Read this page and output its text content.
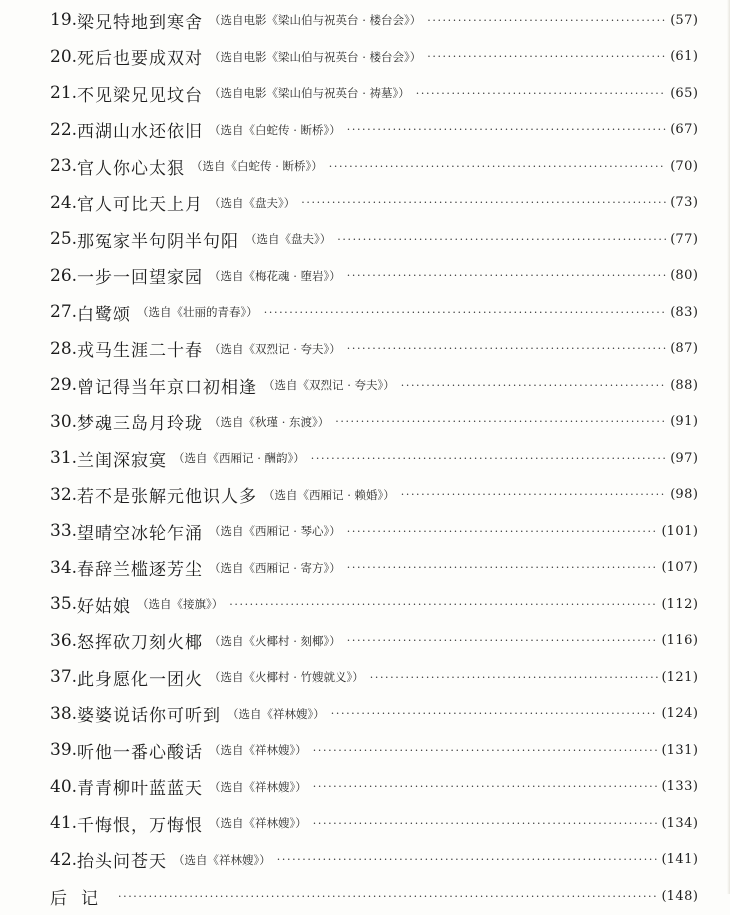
19. 梁兄特地到寒舍 （选自电影《梁山伯与祝英台 · 楼台会》） ·····	( 57 )
20. 死后也要成双对 （选自电影《梁山伯与祝英台 · 楼台会》） ·····	( 61 )
21. 不见梁兄见坟台 （选自电影《梁山伯与祝英台 · 祷墓》） ·····	( 65 )
22. 西湖山水还依旧 （选自《白蛇传 · 断桥》） ·····	( 67 )
23. 官人你心太狠 （选自《白蛇传 · 断桥》） ·····	( 70 )
24. 官人可比天上月 （选自《盘夫》） ·····	( 73 )
25. 那冤家半句阴半句阳 （选自《盘夫》） ·····	( 77 )
26. 一步一回望家园 （选自《梅花魂 · 堕岩》） ·····	( 80 )
27. 白鹭颂 （选自《壮丽的青春》） ·····	( 83 )
28. 戎马生涯二十春 （选自《双烈记 · 夸夫》） ·····	( 87 )
29. 曾记得当年京口初相逢 （选自《双烈记 · 夸夫》） ·····	( 88 )
30. 梦魂三岛月玲珑 （选自《秋瑾 · 东渡》） ·····	( 91 )
31. 兰闺深寂寞 （选自《西厢记 · 酬韵》） ·····	( 97 )
32. 若不是张解元他识人多 （选自《西厢记 · 赖婚》） ·····	( 98 )
33. 望晴空冰轮乍涌 （选自《西厢记 · 琴心》） ·····	( 101 )
34. 春辞兰槛逐芳尘 （选自《西厢记 · 寄方》） ·····	( 107 )
35. 好姑娘 （选自《接旗》） ·····	( 112 )
36. 怒挥砍刀刻火椰 （选自《火椰村 · 刻椰》） ·····	( 116 )
37. 此身愿化一团火 （选自《火椰村 · 竹嫂就义》） ·····	( 121 )
38. 婆婆说话你可听到 （选自《祥林嫂》） ·····	( 124 )
39. 听他一番心酸话 （选自《祥林嫂》） ·····	( 131 )
40. 青青柳叶蓝蓝天 （选自《祥林嫂》） ·····	( 133 )
41. 千悔恨，万悔恨 （选自《祥林嫂》） ·····	( 134 )
42. 抬头问苍天 （选自《祥林嫂》） ·····	( 141 )
后记 ·····	( 148 )
